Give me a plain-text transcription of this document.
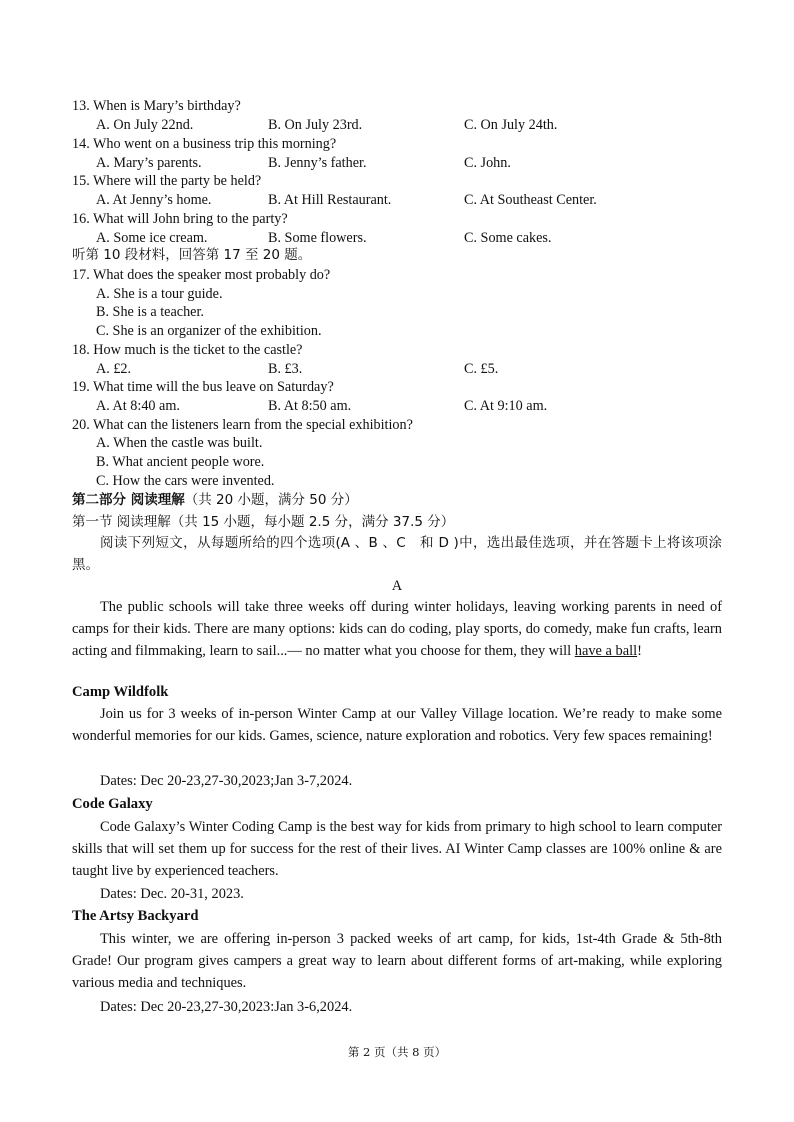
13. When is Mary’s birthday?
A. On July 22nd.	B. On July 23rd.	C. On July 24th.
14. Who went on a business trip this morning?
A. Mary’s parents.	B. Jenny’s father.	C. John.
15. Where will the party be held?
A. At Jenny’s home.	B. At Hill Restaurant.	C. At Southeast Center.
16. What will John bring to the party?
A. Some ice cream.	B. Some flowers.	C. Some cakes.
听第 10 段材料，回答第 17 至 20 题。
17. What does the speaker most probably do?
A. She is a tour guide.
B. She is a teacher.
C. She is an organizer of the exhibition.
18. How much is the ticket to the castle?
A. £2.	B. £3.	C. £5.
19. What time will the bus leave on Saturday?
A. At 8:40 am.	B. At 8:50 am.	C. At 9:10 am.
20. What can the listeners learn from the special exhibition?
A. When the castle was built.
B. What ancient people wore.
C. How the cars were invented.
第二部分 阅读理解（共 20 小题，满分 50 分）
第一节 阅读理解（共 15 小题，每小题 2.5 分，满分 37.5 分）
阅读下列短文，从每题所给的四个选项(A 、B 、C　和 D )中，选出最佳选项，并在答题卡上将该项涂黑。
A
The public schools will take three weeks off during winter holidays, leaving working parents in need of camps for their kids. There are many options: kids can do coding, play sports, do comedy, make fun crafts, learn acting and filmmaking, learn to sail...— no matter what you choose for them, they will have a ball!
Camp Wildfolk
Join us for 3 weeks of in-person Winter Camp at our Valley Village location. We’re ready to make some wonderful memories for our kids. Games, science, nature exploration and robotics. Very few spaces remaining!
Dates: Dec 20-23,27-30,2023;Jan 3-7,2024.
Code Galaxy
Code Galaxy’s Winter Coding Camp is the best way for kids from primary to high school to learn computer skills that will set them up for success for the rest of their lives. AI Winter Camp classes are 100% online & are taught live by experienced teachers.
Dates: Dec. 20-31, 2023.
The Artsy Backyard
This winter, we are offering in-person 3 packed weeks of art camp, for kids, 1st-4th Grade & 5th-8th Grade! Our program gives campers a great way to learn about different forms of art-making, while exploring various media and techniques.
Dates: Dec 20-23,27-30,2023:Jan 3-6,2024.
第 2 页（共 8 页）
